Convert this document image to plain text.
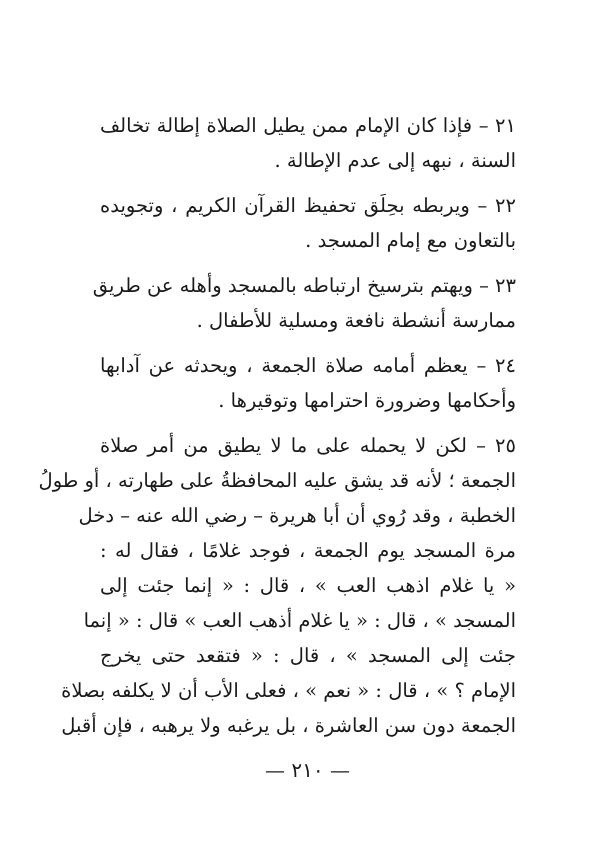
٢١ – فإذا كان الإمام ممن يطيل الصلاة إطالة تخالف
السنة ، نبهه إلى عدم الإطالة .

٢٢ – ويربطه بحِلَق تحفيظ القرآن الكريم ، وتجويده
بالتعاون مع إمام المسجد .

٢٣ – ويهتم بترسيخ ارتباطه بالمسجد وأهله عن طريق
ممارسة أنشطة نافعة ومسلية للأطفال .

٢٤ – يعظم أمامه صلاة الجمعة ، ويحدثه عن آدابها
وأحكامها وضرورة احترامها وتوقيرها .

٢٥ – لكن لا يحمله على ما لا يطيق من أمر صلاة
الجمعة ؛ لأنه قد يشق عليه المحافظةُ على طهارته ، أو طولُ
الخطبة ، وقد رُوي أن أبا هريرة – رضي الله عنه – دخل
مرة المسجد يوم الجمعة ، فوجد غلامًا ، فقال له :
« يا غلام اذهب العب » ، قال : « إنما جئت إلى
المسجد » ، قال : « يا غلام أذهب العب » قال : « إنما
جئت إلى المسجد » ، قال : « فتقعد حتى يخرج
الإمام ؟ » ، قال : « نعم » ، فعلى الأب أن لا يكلفه بصلاة
الجمعة دون سن العاشرة ، بل يرغبه ولا يرهبه ، فإن أقبل

— ٢١٠ —
